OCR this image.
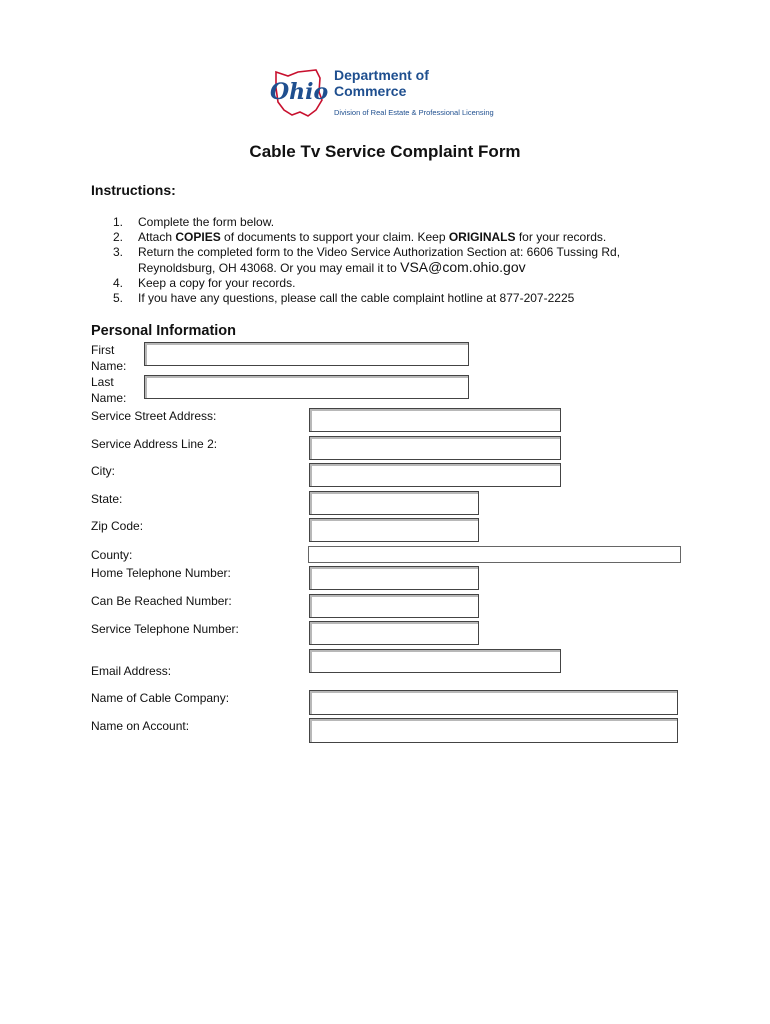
Ohio
Department of
Commerce
Division of Real Estate & Professional Licensing
Cable Tv Service Complaint Form
Instructions:
1. Complete the form below.
2. Attach COPIES of documents to support your claim. Keep ORIGINALS for your records.
3. Return the completed form to the Video Service Authorization Section at: 6606 Tussing Rd,
Reynoldsburg, OH 43068. Or you may email it to VSA@com.ohio.gov
4. Keep a copy for your records.
5. If you have any questions, please call the cable complaint hotline at 877-207-2225
Personal Information
First
Name:
Last
Name:
Service Street Address:
Service Address Line 2:
City:
State:
Zip Code:
County:
Home Telephone Number:
Can Be Reached Number:
Service Telephone Number:
Email Address:
Name of Cable Company:
Name on Account:
